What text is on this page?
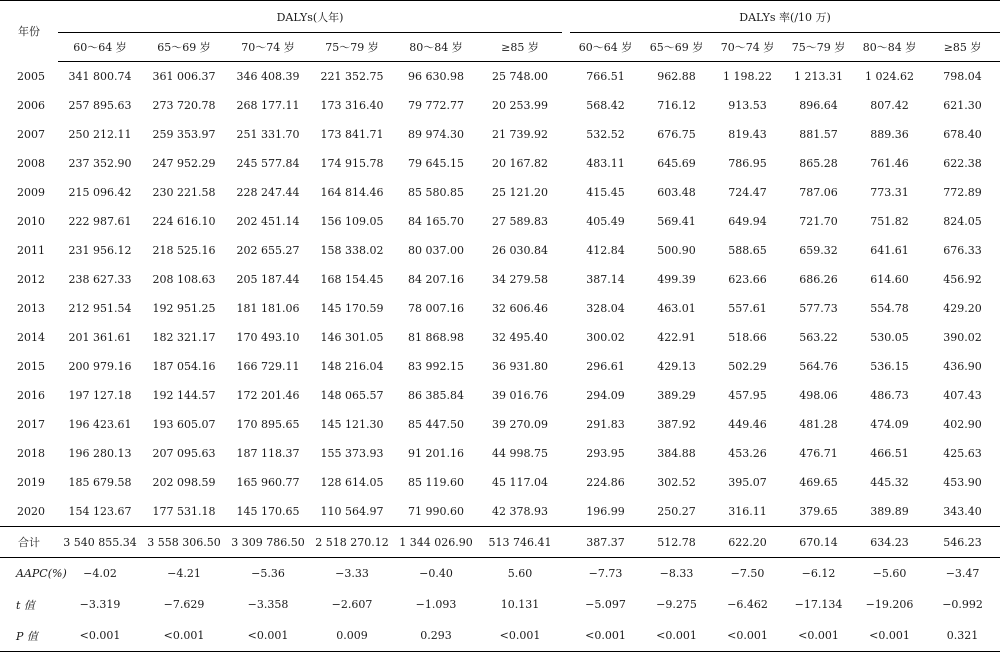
年份	DALYs(人年)							DALYs 率(/10 万)					
	60～64 岁	65～69 岁	70～74 岁	75～79 岁	80～84 岁	≥85 岁		60～64 岁	65～69 岁	70～74 岁	75～79 岁	80～84 岁	≥85 岁
2005	341 800.74	361 006.37	346 408.39	221 352.75	96 630.98	25 748.00		766.51	962.88	1 198.22	1 213.31	1 024.62	798.04
2006	257 895.63	273 720.78	268 177.11	173 316.40	79 772.77	20 253.99		568.42	716.12	913.53	896.64	807.42	621.30
2007	250 212.11	259 353.97	251 331.70	173 841.71	89 974.30	21 739.92		532.52	676.75	819.43	881.57	889.36	678.40
2008	237 352.90	247 952.29	245 577.84	174 915.78	79 645.15	20 167.82		483.11	645.69	786.95	865.28	761.46	622.38
2009	215 096.42	230 221.58	228 247.44	164 814.46	85 580.85	25 121.20		415.45	603.48	724.47	787.06	773.31	772.89
2010	222 987.61	224 616.10	202 451.14	156 109.05	84 165.70	27 589.83		405.49	569.41	649.94	721.70	751.82	824.05
2011	231 956.12	218 525.16	202 655.27	158 338.02	80 037.00	26 030.84		412.84	500.90	588.65	659.32	641.61	676.33
2012	238 627.33	208 108.63	205 187.44	168 154.45	84 207.16	34 279.58		387.14	499.39	623.66	686.26	614.60	456.92
2013	212 951.54	192 951.25	181 181.06	145 170.59	78 007.16	32 606.46		328.04	463.01	557.61	577.73	554.78	429.20
2014	201 361.61	182 321.17	170 493.10	146 301.05	81 868.98	32 495.40		300.02	422.91	518.66	563.22	530.05	390.02
2015	200 979.16	187 054.16	166 729.11	148 216.04	83 992.15	36 931.80		296.61	429.13	502.29	564.76	536.15	436.90
2016	197 127.18	192 144.57	172 201.46	148 065.57	86 385.84	39 016.76		294.09	389.29	457.95	498.06	486.73	407.43
2017	196 423.61	193 605.07	170 895.65	145 121.30	85 447.50	39 270.09		291.83	387.92	449.46	481.28	474.09	402.90
2018	196 280.13	207 095.63	187 118.37	155 373.93	91 201.16	44 998.75		293.95	384.88	453.26	476.71	466.51	425.63
2019	185 679.58	202 098.59	165 960.77	128 614.05	85 119.60	45 117.04		224.86	302.52	395.07	469.65	445.32	453.90
2020	154 123.67	177 531.18	145 170.65	110 564.97	71 990.60	42 378.93		196.99	250.27	316.11	379.65	389.89	343.40
合计	3 540 855.34	3 558 306.50	3 309 786.50	2 518 270.12	1 344 026.90	513 746.41		387.37	512.78	622.20	670.14	634.23	546.23
AAPC(%)	−4.02	−4.21	−5.36	−3.33	−0.40	5.60		−7.73	−8.33	−7.50	−6.12	−5.60	−3.47
t 值	−3.319	−7.629	−3.358	−2.607	−1.093	10.131		−5.097	−9.275	−6.462	−17.134	−19.206	−0.992
P 值	<0.001	<0.001	<0.001	0.009	0.293	<0.001		<0.001	<0.001	<0.001	<0.001	<0.001	0.321
